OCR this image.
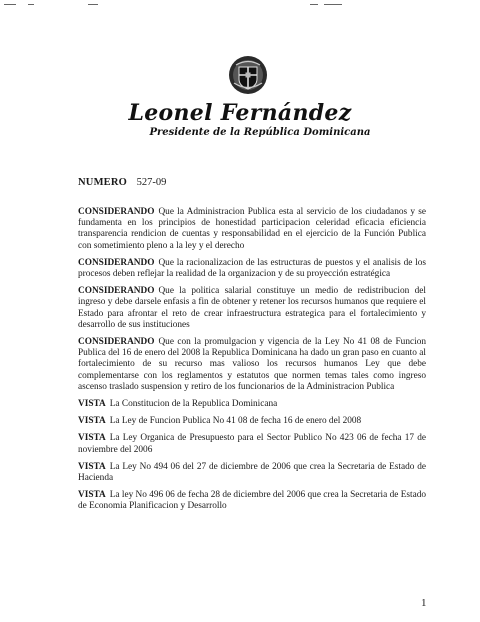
Leonel Fernández
Presidente de la República Dominicana
NUMERO 527-09

CONSIDERANDO Que la Administracion Publica esta al servicio de los ciudadanos y se fundamenta en los principios de honestidad participacion celeridad eficacia eficiencia transparencia rendicion de cuentas y responsabilidad en el ejercicio de la Función Publica con sometimiento pleno a la ley y el derecho

CONSIDERANDO Que la racionalizacion de las estructuras de puestos y el analisis de los procesos deben reflejar la realidad de la organizacion y de su proyección estratégica

CONSIDERANDO Que la politica salarial constituye un medio de redistribucion del ingreso y debe darsele enfasis a fin de obtener y retener los recursos humanos que requiere el Estado para afrontar el reto de crear infraestructura estrategica para el fortalecimiento y desarrollo de sus instituciones

CONSIDERANDO Que con la promulgacion y vigencia de la Ley No 41 08 de Funcion Publica del 16 de enero del 2008 la Republica Dominicana ha dado un gran paso en cuanto al fortalecimiento de su recurso mas valioso los recursos humanos Ley que debe complementarse con los reglamentos y estatutos que normen temas tales como ingreso ascenso traslado suspension y retiro de los funcionarios de la Administracion Publica

VISTA La Constitucion de la Republica Dominicana

VISTA La Ley de Funcion Publica No 41 08 de fecha 16 de enero del 2008

VISTA La Ley Organica de Presupuesto para el Sector Publico No 423 06 de fecha 17 de noviembre del 2006

VISTA La Ley No 494 06 del 27 de diciembre de 2006 que crea la Secretaria de Estado de Hacienda

VISTA La ley No 496 06 de fecha 28 de diciembre del 2006 que crea la Secretaria de Estado de Economia Planificacion y Desarrollo

1
